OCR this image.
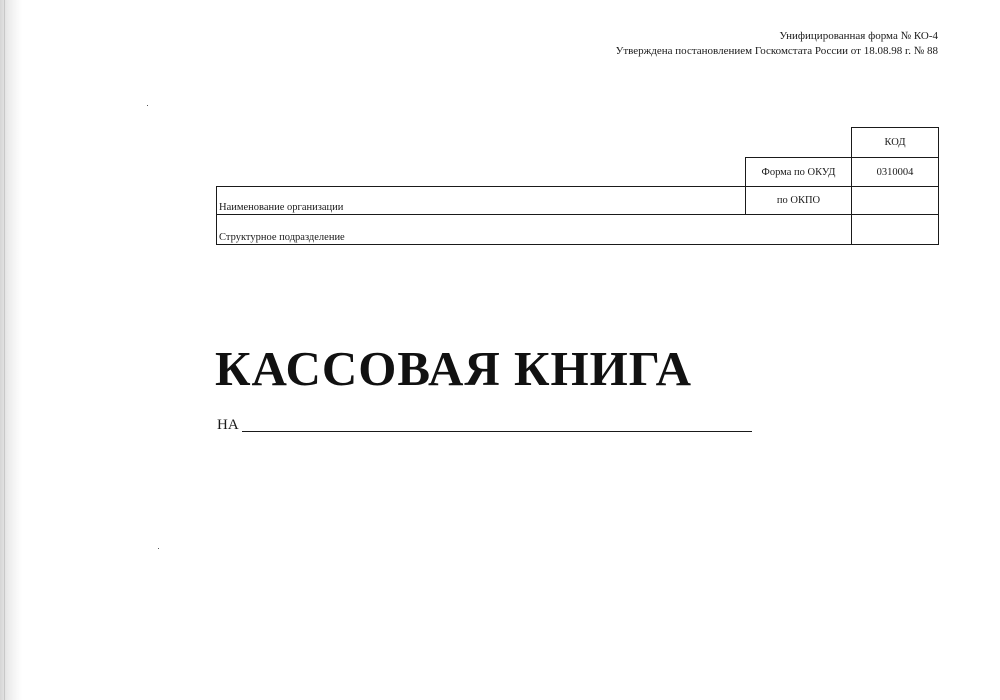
Унифицированная форма № КО-4
Утверждена постановлением Госкомстата России от 18.08.98 г. № 88
КОД
Форма по ОКУД	0310004
Наименование организации
по ОКПО
Структурное подразделение
КАССОВАЯ КНИГА
НА
